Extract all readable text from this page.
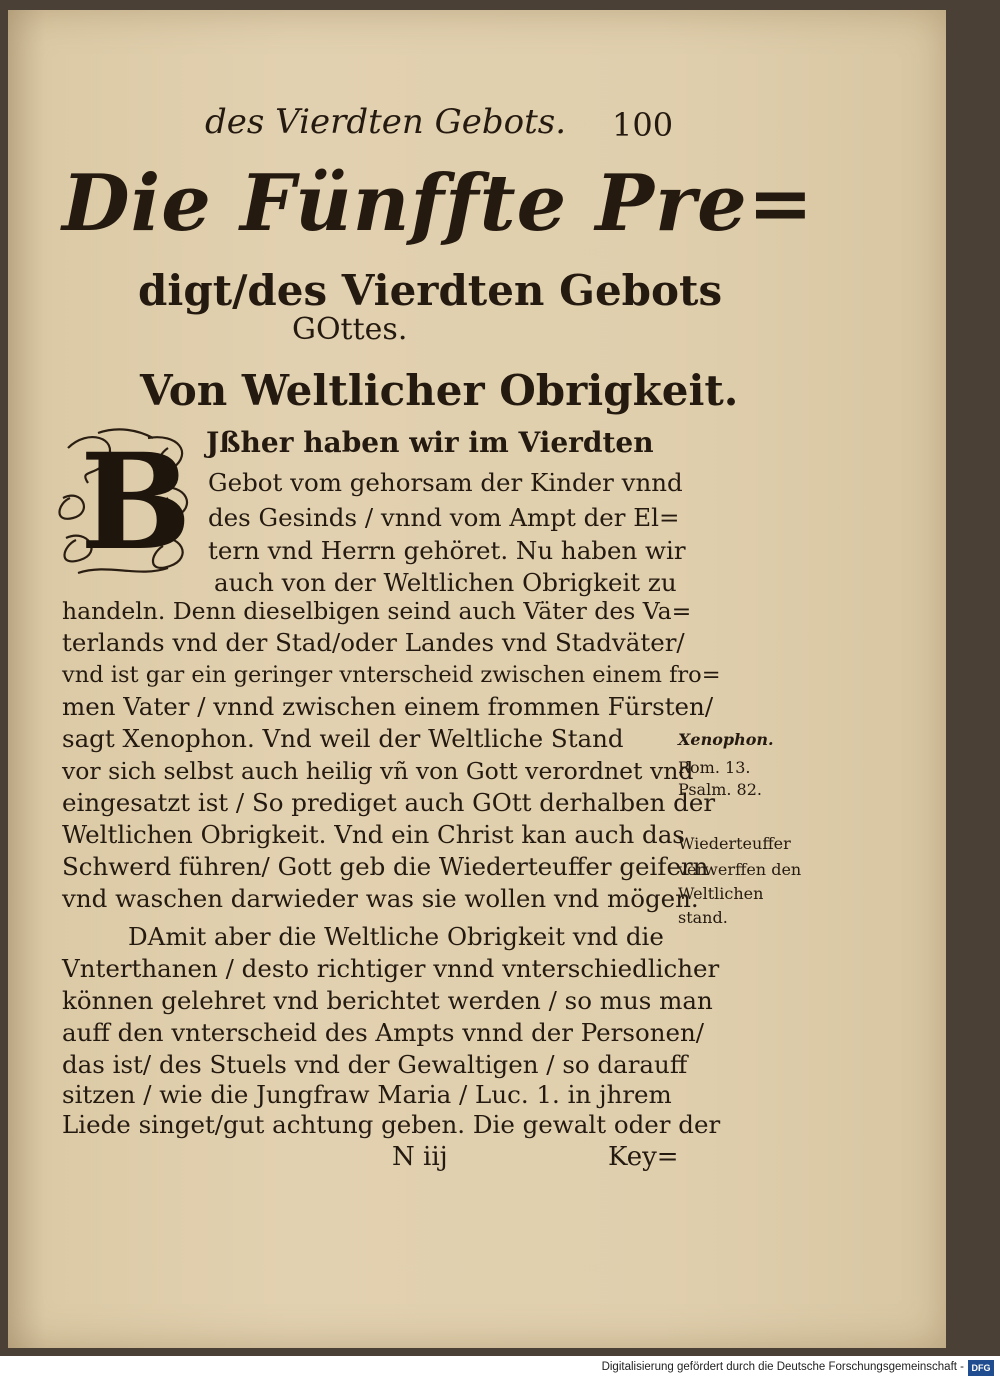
des Vierdten Gebots. 100
Die Fünffte Pre=
digt/des Vierdten Gebots
GOttes.
Von Weltlicher Obrigkeit.
B Jßher haben wir im Vierdten
Gebot vom gehorsam der Kinder vnnd
des Gesinds / vnnd vom Ampt der El=
tern vnd Herrn gehöret. Nu haben wir
auch von der Weltlichen Obrigkeit zu
handeln. Denn dieselbigen seind auch Väter des Va=
terlands vnd der Stad/oder Landes vnd Stadväter/
vnd ist gar ein geringer vnterscheid zwischen einem fro=
men Vater / vnnd zwischen einem frommen Fürsten/
sagt Xenophon. Vnd weil der Weltliche Stand
vor sich selbst auch heilig vñ von Gott verordnet vnd
eingesatzt ist / So prediget auch GOtt derhalben der
Weltlichen Obrigkeit. Vnd ein Christ kan auch das
Schwerd führen/ Gott geb die Wiederteuffer geifern
vnd waschen darwieder was sie wollen vnd mögen.
DAmit aber die Weltliche Obrigkeit vnd die
Vnterthanen / desto richtiger vnnd vnterschiedlicher
können gelehret vnd berichtet werden / so mus man
auff den vnterscheid des Ampts vnnd der Personen/
das ist/ des Stuels vnd der Gewaltigen / so darauff
sitzen / wie die Jungfraw Maria / Luc. 1. in jhrem
Liede singet/gut achtung geben. Die gewalt oder der
Xenophon.
Rom. 13.
Psalm. 82.
Wiederteuffer
verwerffen den
Weltlichen
stand.
N iij	Key=
Digitalisierung gefördert durch die Deutsche Forschungsgemeinschaft - DFG
